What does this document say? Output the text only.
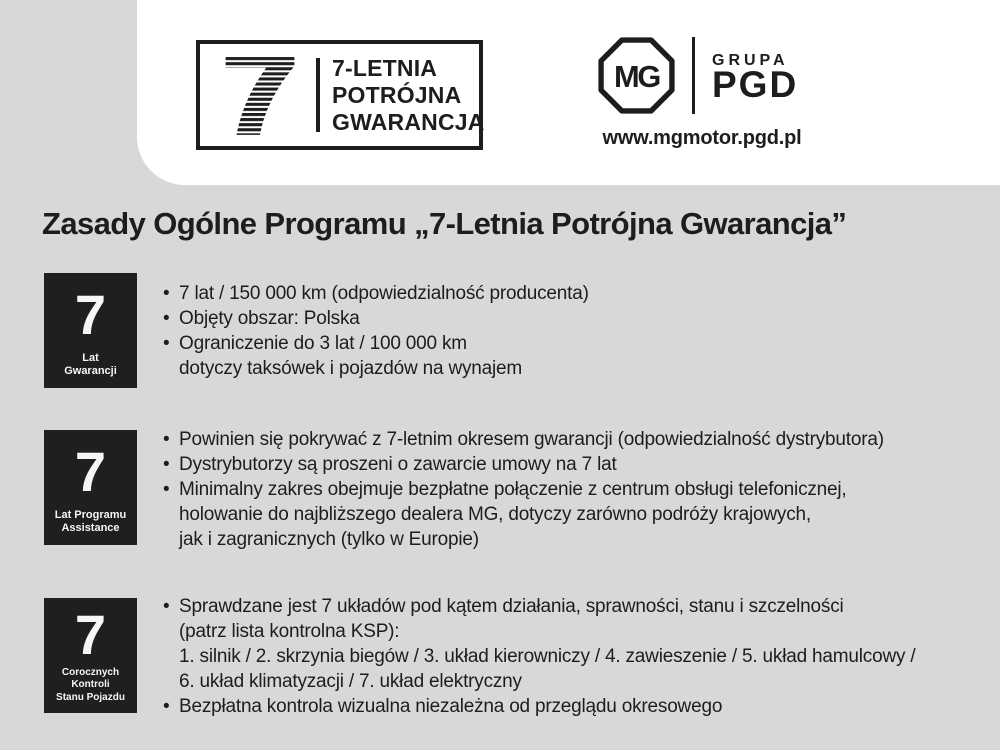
7-LETNIA
POTRÓJNA
GWARANCJA
MG	GRUPA
PGD
www.mgmotor.pgd.pl
Zasady Ogólne Programu „7-Letnia Potrójna Gwarancja”
7
Lat
Gwarancji
• 7 lat / 150 000 km (odpowiedzialność producenta)
• Objęty obszar: Polska
• Ograniczenie do 3 lat / 100 000 km
dotyczy taksówek i pojazdów na wynajem
7
Lat Programu
Assistance
• Powinien się pokrywać z 7-letnim okresem gwarancji (odpowiedzialność dystrybutora)
• Dystrybutorzy są proszeni o zawarcie umowy na 7 lat
• Minimalny zakres obejmuje bezpłatne połączenie z centrum obsługi telefonicznej,
holowanie do najbliższego dealera MG, dotyczy zarówno podróży krajowych,
jak i zagranicznych (tylko w Europie)
7
Corocznych Kontroli
Stanu Pojazdu
• Sprawdzane jest 7 układów pod kątem działania, sprawności, stanu i szczelności
(patrz lista kontrolna KSP):
1. silnik / 2. skrzynia biegów / 3. układ kierowniczy / 4. zawieszenie / 5. układ hamulcowy /
6. układ klimatyzacji / 7. układ elektryczny
• Bezpłatna kontrola wizualna niezależna od przeglądu okresowego
